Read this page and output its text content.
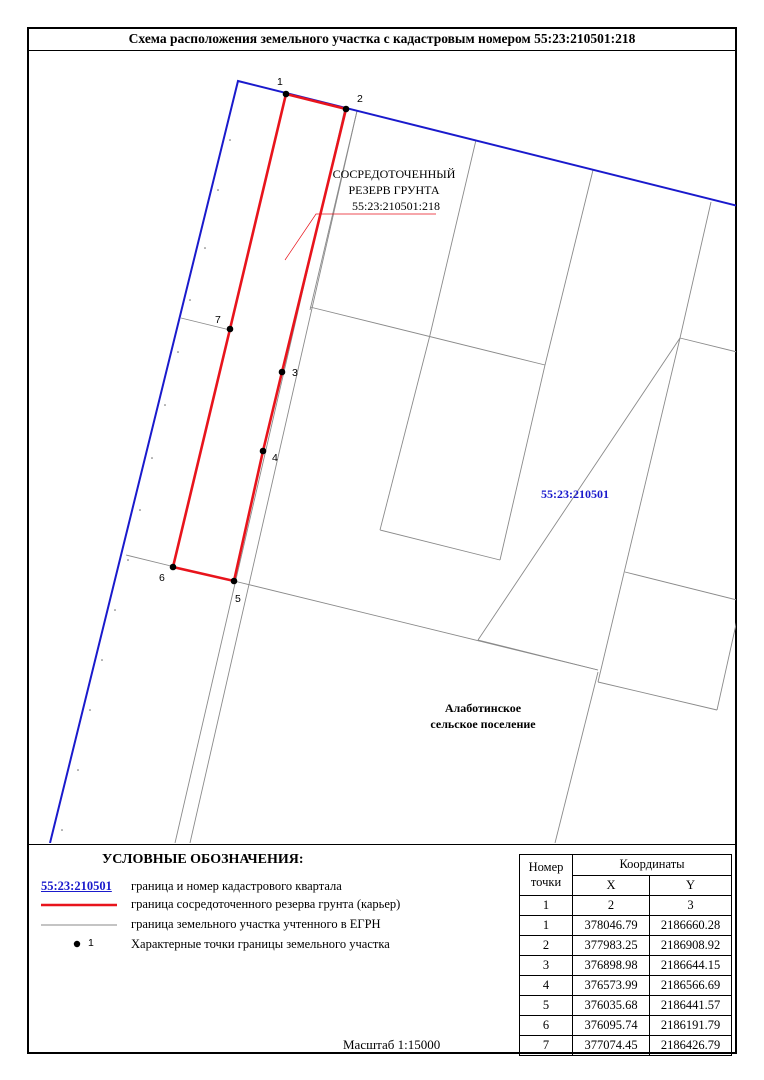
Схема расположения земельного участка с кадастровым номером 55:23:210501:218
1
2
3
4
5
6
7
СОСРЕДОТОЧЕННЫЙ
РЕЗЕРВ ГРУНТА
55:23:210501:218
55:23:210501
Алаботинское
сельское поселение
УСЛОВНЫЕ ОБОЗНАЧЕНИЯ:
55:23:210501 граница и номер кадастрового квартала
граница сосредоточенного резерва грунта (карьер)
граница земельного участка учтенного в ЕГРН
1	Характерные точки границы земельного участка
Масштаб 1:15000
Номер точки	Координаты	
	X	Y
1	2	3
1	378046.79	2186660.28
2	377983.25	2186908.92
3	376898.98	2186644.15
4	376573.99	2186566.69
5	376035.68	2186441.57
6	376095.74	2186191.79
7	377074.45	2186426.79
